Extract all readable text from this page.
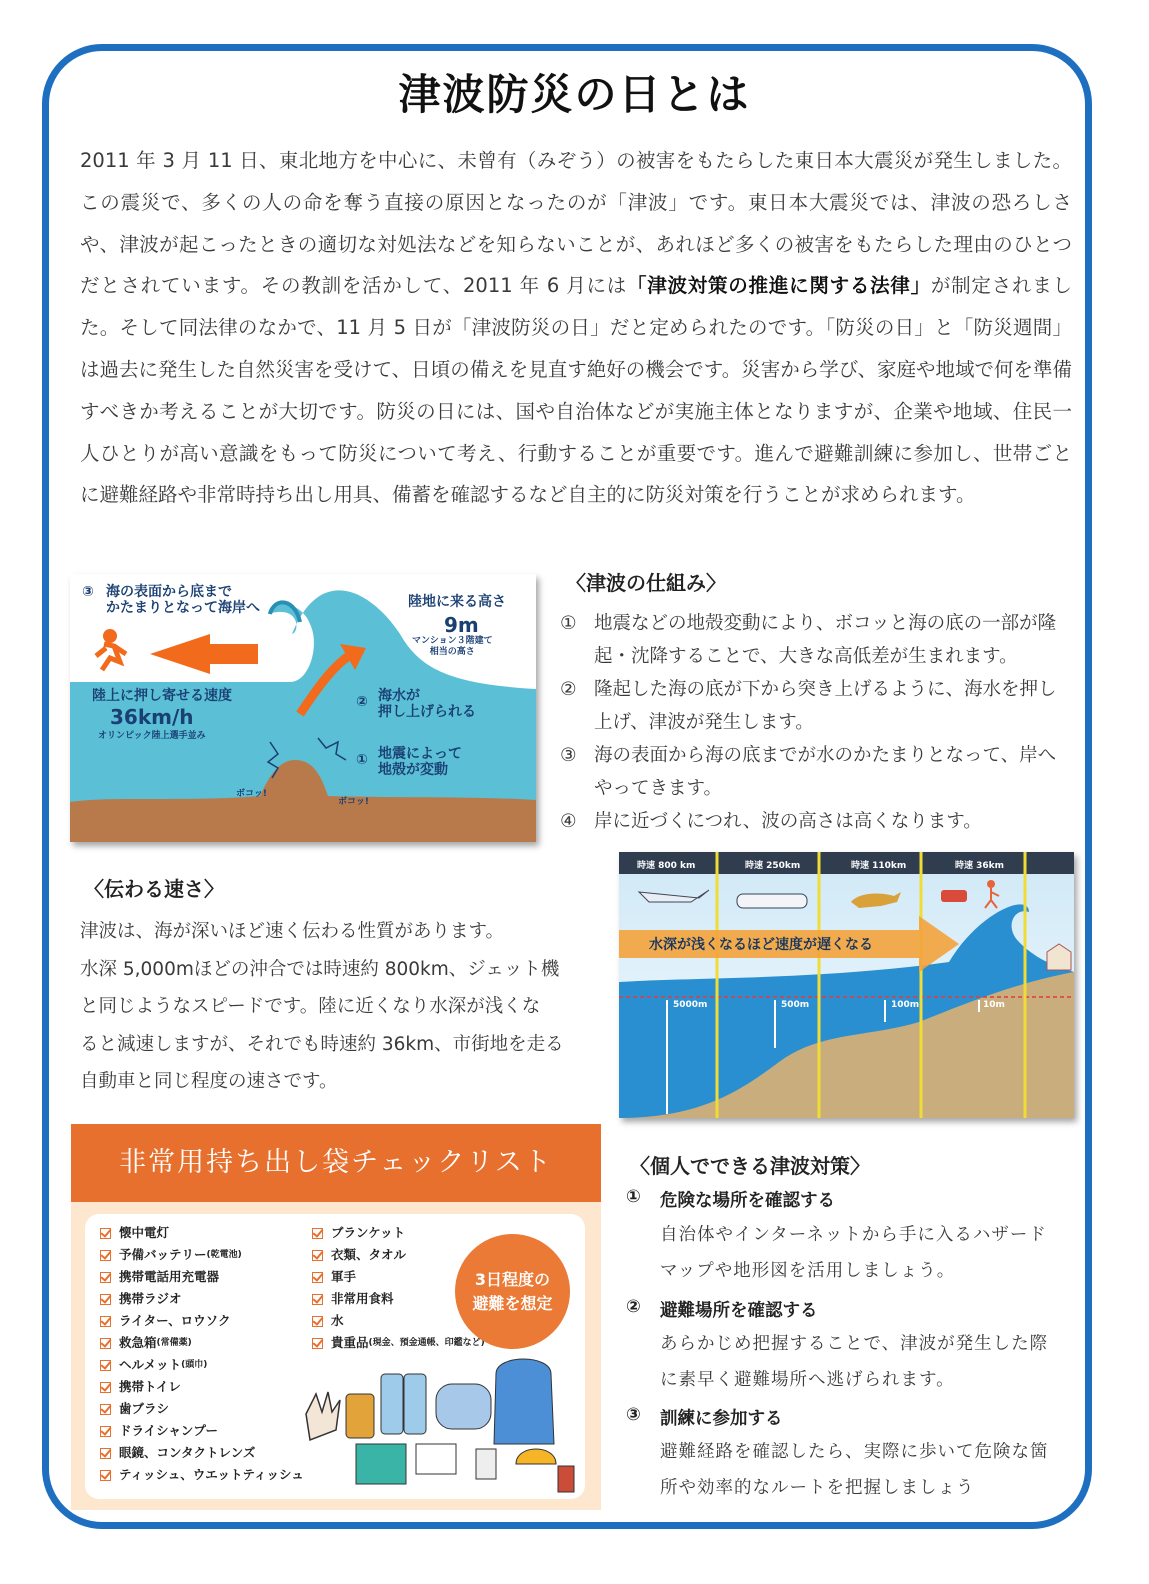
津波防災の日とは
2011 年 3 月 11 日、東北地方を中心に、未曾有（みぞう）の被害をもたらした東日本大震災が発生しました。この震災で、多くの人の命を奪う直接の原因となったのが「津波」です。東日本大震災では、津波の恐ろしさや、津波が起こったときの適切な対処法などを知らないことが、あれほど多くの被害をもたらした理由のひとつだとされています。その教訓を活かして、2011 年 6 月には「津波対策の推進に関する法律」が制定されました。そして同法律のなかで、11 月 5 日が「津波防災の日」だと定められたのです。「防災の日」と「防災週間」は過去に発生した自然災害を受けて、日頃の備えを見直す絶好の機会です。災害から学び、家庭や地域で何を準備すべきか考えることが大切です。防災の日には、国や自治体などが実施主体となりますが、企業や地域、住民一人ひとりが高い意識をもって防災について考え、行動することが重要です。進んで避難訓練に参加し、世帯ごとに避難経路や非常時持ち出し用具、備蓄を確認するなど自主的に防災対策を行うことが求められます。
③ 海の表面から底まで
かたまりとなって海岸へ	陸地に来る高さ
9m
マンション３階建て
相当の高さ
陸上に押し寄せる速度
36km/h
オリンピック陸上選手並み
② 海水が
押し上げられる
① 地震によって
地殻が変動
ボコッ!
ボコッ!
〈津波の仕組み〉
① 地震などの地殻変動により、ボコッと海の底の一部が隆起・沈降することで、大きな高低差が生まれます。
② 隆起した海の底が下から突き上げるように、海水を押し上げ、津波が発生します。
③ 海の表面から海の底までが水のかたまりとなって、岸へやってきます。
④ 岸に近づくにつれ、波の高さは高くなります。
〈伝わる速さ〉
津波は、海が深いほど速く伝わる性質があります。
水深 5,000mほどの沖合では時速約 800km、ジェット機
と同じようなスピードです。陸に近くなり水深が浅くな
ると減速しますが、それでも時速約 36km、市街地を走る
自動車と同じ程度の速さです。
時速 800 km	時速 250km	時速 110km	時速 36km
水深が浅くなるほど速度が遅くなる
5000m	500m	100m	10m
非常用持ち出し袋チェックリスト
懐中電灯
予備バッテリー (乾電池)
携帯電話用充電器
携帯ラジオ
ライター、ロウソク
救急箱 (常備薬)
ヘルメット (頭巾)
携帯トイレ
歯ブラシ
ドライシャンプー
眼鏡、コンタクトレンズ
ティッシュ、ウエットティッシュ
ブランケット
衣類、タオル
軍手
非常用食料
水
貴重品 (現金、預金通帳、印鑑など)
3日程度の
避難を想定
〈個人でできる津波対策〉
① 危険な場所を確認する
自治体やインターネットから手に入るハザード
マップや地形図を活用しましょう。
② 避難場所を確認する
あらかじめ把握することで、津波が発生した際
に素早く避難場所へ逃げられます。
③ 訓練に参加する
避難経路を確認したら、実際に歩いて危険な箇
所や効率的なルートを把握しましょう
